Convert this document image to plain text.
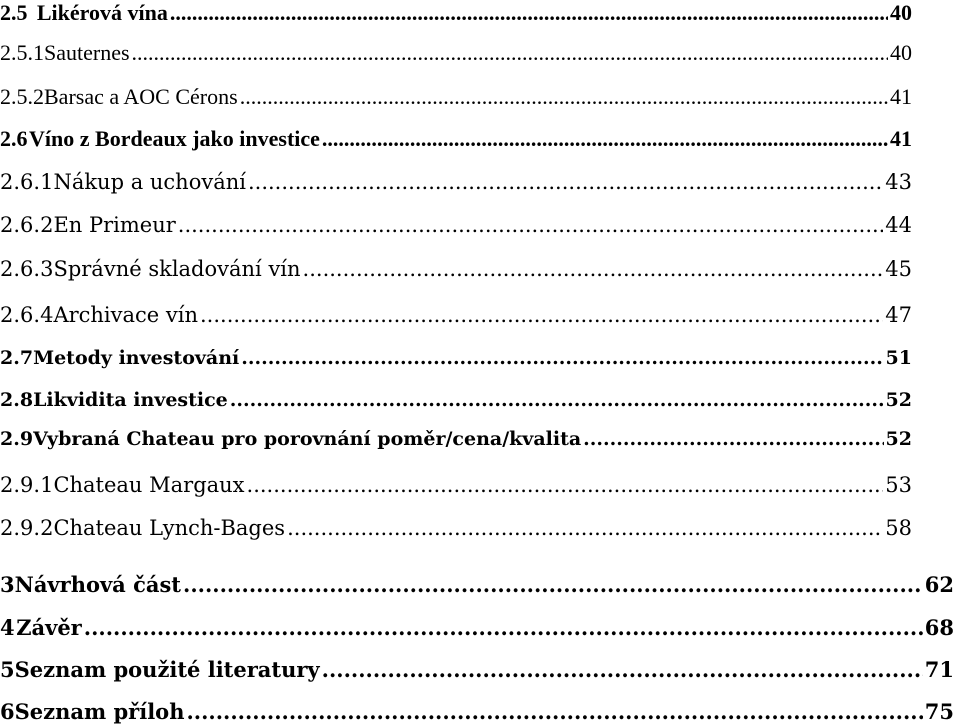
2.5 Likérová vína .....	40
2.5.1 Sauternes .....	40
2.5.2 Barsac a AOC Cérons .....	41
2.6 Víno z Bordeaux jako investice .....	41
2.6.1 Nákup a uchování .....	43
2.6.2 En Primeur .....	44
2.6.3 Správné skladování vín .....	45
2.6.4 Archivace vín .....	47
2.7 Metody investování .....	51
2.8 Likvidita investice .....	52
2.9 Vybraná Chateau pro porovnání poměr/cena/kvalita .....	52
2.9.1 Chateau Margaux .....	53
2.9.2 Chateau Lynch-Bages .....	58
3 Návrhová část .....	62
4 Závěr .....	68
5 Seznam použité literatury .....	71
6 Seznam příloh .....	75
